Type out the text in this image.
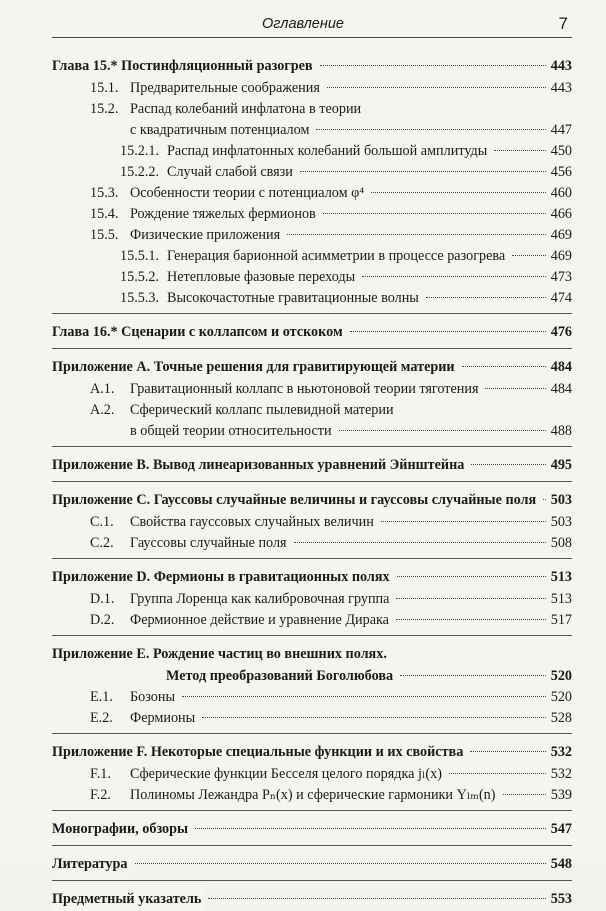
Оглавление	7
Глава 15.* Постинфляционный разогрев	443
15.1. Предварительные соображения	443
15.2. Распад колебаний инфлатона в теории
с квадратичным потенциалом	447
15.2.1. Распад инфлатонных колебаний большой амплитуды	450
15.2.2. Случай слабой связи	456
15.3. Особенности теории с потенциалом φ⁴	460
15.4. Рождение тяжелых фермионов	466
15.5. Физические приложения	469
15.5.1. Генерация барионной асимметрии в процессе разогрева	469
15.5.2. Нетепловые фазовые переходы	473
15.5.3. Высокочастотные гравитационные волны	474
Глава 16.* Сценарии с коллапсом и отскоком	476
Приложение A. Точные решения для гравитирующей материи	484
A.1. Гравитационный коллапс в ньютоновой теории тяготения	484
A.2. Сферический коллапс пылевидной материи
в общей теории относительности	488
Приложение B. Вывод линеаризованных уравнений Эйнштейна	495
Приложение C. Гауссовы случайные величины и гауссовы случайные поля 503
C.1. Свойства гауссовых случайных величин	503
C.2. Гауссовы случайные поля	508
Приложение D. Фермионы в гравитационных полях	513
D.1. Группа Лоренца как калибровочная группа	513
D.2. Фермионное действие и уравнение Дирака	517
Приложение E. Рождение частиц во внешних полях.
Метод преобразований Боголюбова	520
E.1. Бозоны	520
E.2. Фермионы	528
Приложение F. Некоторые специальные функции и их свойства	532
F.1. Сферические функции Бесселя целого порядка jₗ(x)	532
F.2. Полиномы Лежандра Pₙ(x) и сферические гармоники Yₗₘ(n)	539
Монографии, обзоры	547
Литература	548
Предметный указатель	553
